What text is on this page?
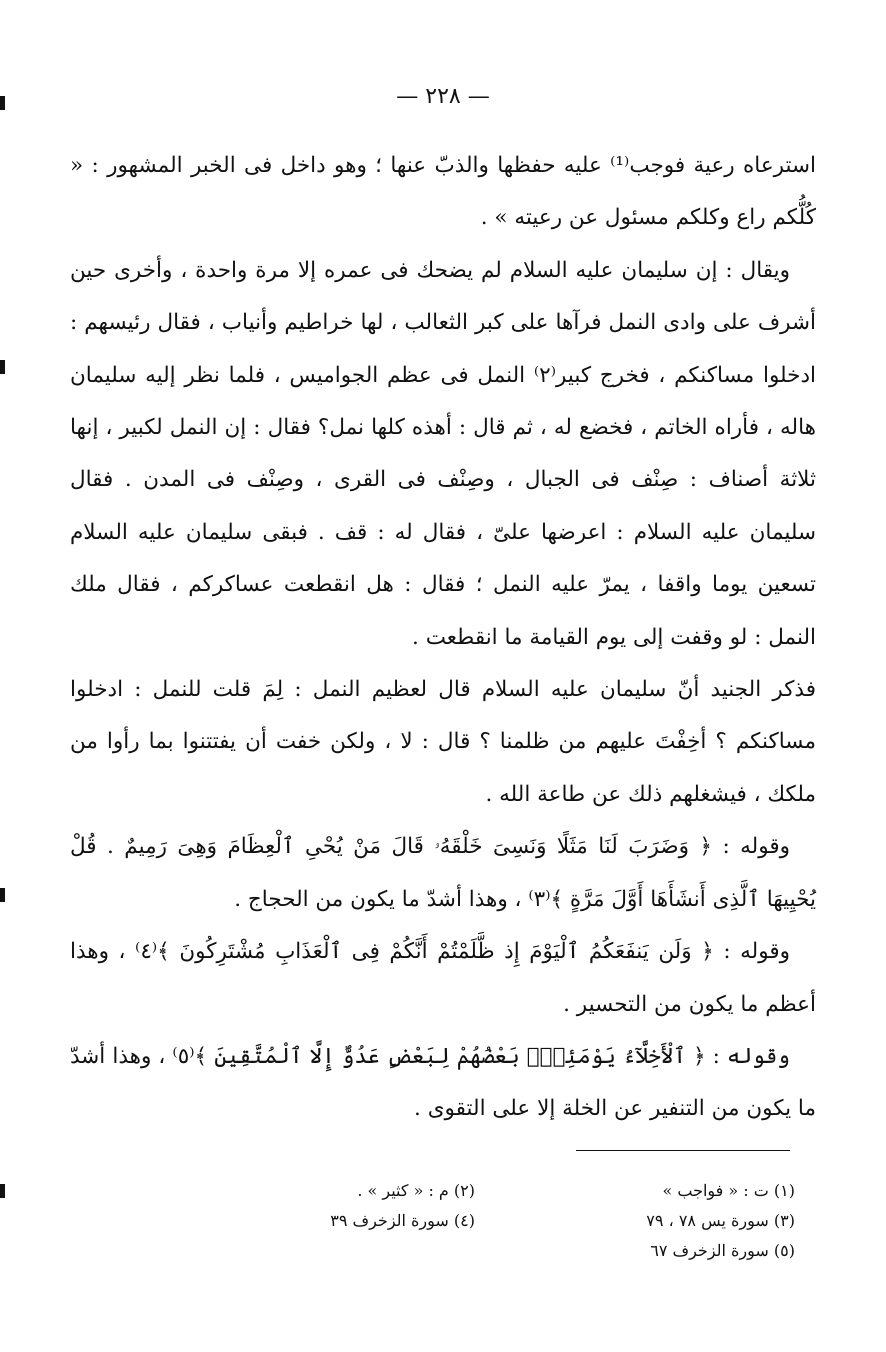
— ٢٢٨ —

استرعاه رعية فوجب⁽¹⁾ عليه حفظها والذبّ عنها ؛ وهو داخل فى الخبر المشهور : « كُلُّكم راع وكلكم مسئول عن رعيته » .

ويقال : إن سليمان عليه السلام لم يضحك فى عمره إلا مرة واحدة ، وأخرى حين أشرف على وادى النمل فرآها على كبر الثعالب ، لها خراطيم وأنياب ، فقال رئيسهم : ادخلوا مساكنكم ، فخرج كبير⁽٢⁾ النمل فى عظم الجواميس ، فلما نظر إليه سليمان هاله ، فأراه الخاتم ، فخضع له ، ثم قال : أهذه كلها نمل؟ فقال : إن النمل لكبير ، إنها ثلاثة أصناف : صِنْف فى الجبال ، وصِنْف فى القرى ، وصِنْف فى المدن . فقال سليمان عليه السلام : اعرضها علىّ ، فقال له : قف . فبقى سليمان عليه السلام تسعين يوما واقفا ، يمرّ عليه النمل ؛ فقال : هل انقطعت عساكركم ، فقال ملك النمل : لو وقفت إلى يوم القيامة ما انقطعت .

فذكر الجنيد أنّ سليمان عليه السلام قال لعظيم النمل : لِمَ قلت للنمل : ادخلوا مساكنكم ؟ أخِفْتَ عليهم من ظلمنا ؟ قال : لا ، ولكن خفت أن يفتتنوا بما رأوا من ملكك ، فيشغلهم ذلك عن طاعة الله .

وقوله : ﴿ وَضَرَبَ لَنَا مَثَلًا وَنَسِىَ خَلْقَهُۥ قَالَ مَنْ يُحْىِ ٱلْعِظَامَ وَهِىَ رَمِيمٌ . قُلْ يُحْيِيهَا ٱلَّذِى أَنشَأَهَا أَوَّلَ مَرَّةٍ ﴾⁽٣⁾ ، وهذا أشدّ ما يكون من الحجاج .

وقوله : ﴿ وَلَن يَنفَعَكُمُ ٱلْيَوْمَ إِذ ظَّلَمْتُمْ أَنَّكُمْ فِى ٱلْعَذَابِ مُشْتَرِكُونَ ﴾⁽٤⁾ ، وهذا أعظم ما يكون من التحسير .

وقوله : ﴿ ٱلْأَخِلَّآءُ يَوْمَئِذٍۭ بَعْضُهُمْ لِبَعْضٍ عَدُوٌّ إِلَّا ٱلْمُتَّقِينَ ﴾⁽٥⁾ ، وهذا أشدّ ما يكون من التنفير عن الخلة إلا على التقوى .

(١) ت : « فواجب »
(٣) سورة يس ٧٨ ، ٧٩
(٥) سورة الزخرف ٦٧
(٢) م : « كثير » .
(٤) سورة الزخرف ٣٩
